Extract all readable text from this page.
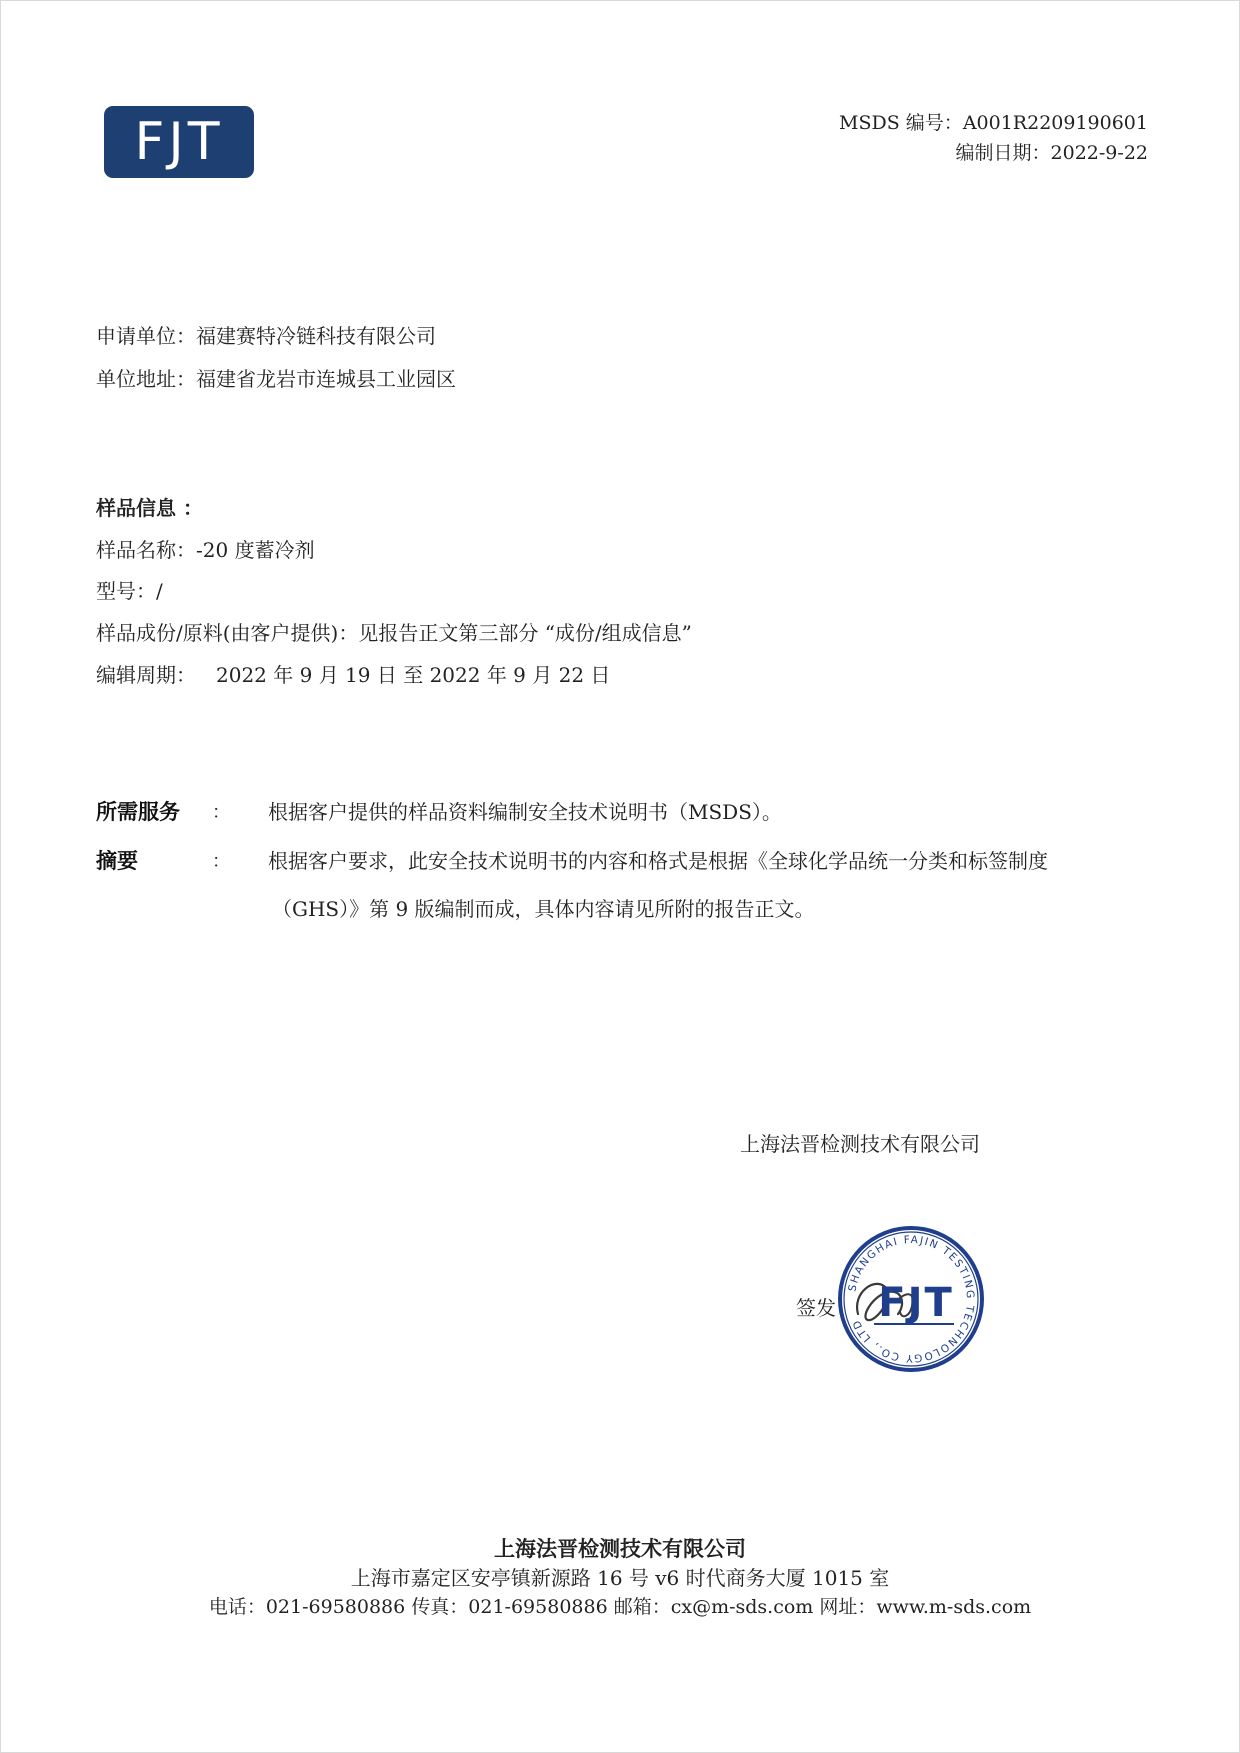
FJT	MSDS 编号：A001R2209190601
编制日期：2022-9-22
申请单位：福建赛特冷链科技有限公司
单位地址：福建省龙岩市连城县工业园区
样品信息 ：
样品名称：-20 度蓄冷剂
型号：/
样品成份/原料(由客户提供)：见报告正文第三部分 “成份/组成信息”
编辑周期： 2022 年 9 月 19 日 至 2022 年 9 月 22 日
所需服务 ： 根据客户提供的样品资料编制安全技术说明书（MSDS）。
摘要	： 根据客户要求，此安全技术说明书的内容和格式是根据《全球化学品统一分类和标签制度
（GHS）》第 9 版编制而成，具体内容请见所附的报告正文。
上海法晋检测技术有限公司
签发：
SHANGHAI FAJIN TESTING TECHNOLOGY CO., LTD FJT
上海法晋检测技术有限公司
上海市嘉定区安亭镇新源路 16 号 v6 时代商务大厦 1015 室
电话：021-69580886 传真：021-69580886 邮箱：cx@m-sds.com 网址：www.m-sds.com
